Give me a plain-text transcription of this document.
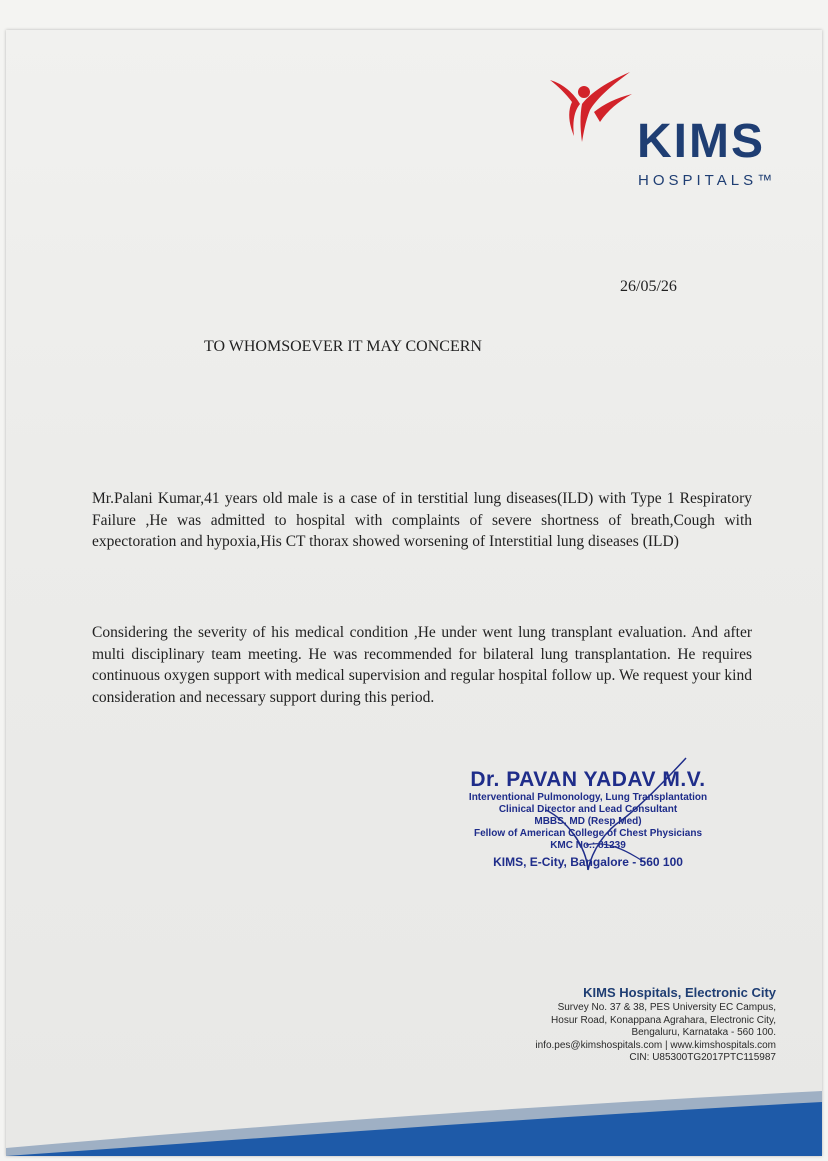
KIMS
HOSPITALS™
26/05/26
TO WHOMSOEVER IT MAY CONCERN
Mr.Palani Kumar,41 years old male is a case of in terstitial lung diseases(ILD) with Type 1 Respiratory Failure ,He was admitted to hospital with complaints of severe shortness of breath,Cough with expectoration and hypoxia,His CT thorax showed worsening of Interstitial lung diseases (ILD)
Considering the severity of his medical condition ,He under went lung transplant evaluation. And after multi disciplinary team meeting. He was recommended for bilateral lung transplantation. He requires continuous oxygen support with medical supervision and regular hospital follow up. We request your kind consideration and necessary support during this period.
Dr. PAVAN YADAV M.V.
Interventional Pulmonology, Lung Transplantation
Clinical Director and Lead Consultant
MBBS, MD (Resp Med)
Fellow of American College of Chest Physicians
KMC No.: 81239
KIMS, E-City, Bangalore - 560 100
KIMS Hospitals, Electronic City
Survey No. 37 & 38, PES University EC Campus,
Hosur Road, Konappana Agrahara, Electronic City,
Bengaluru, Karnataka - 560 100.
info.pes@kimshospitals.com | www.kimshospitals.com
CIN: U85300TG2017PTC115987
